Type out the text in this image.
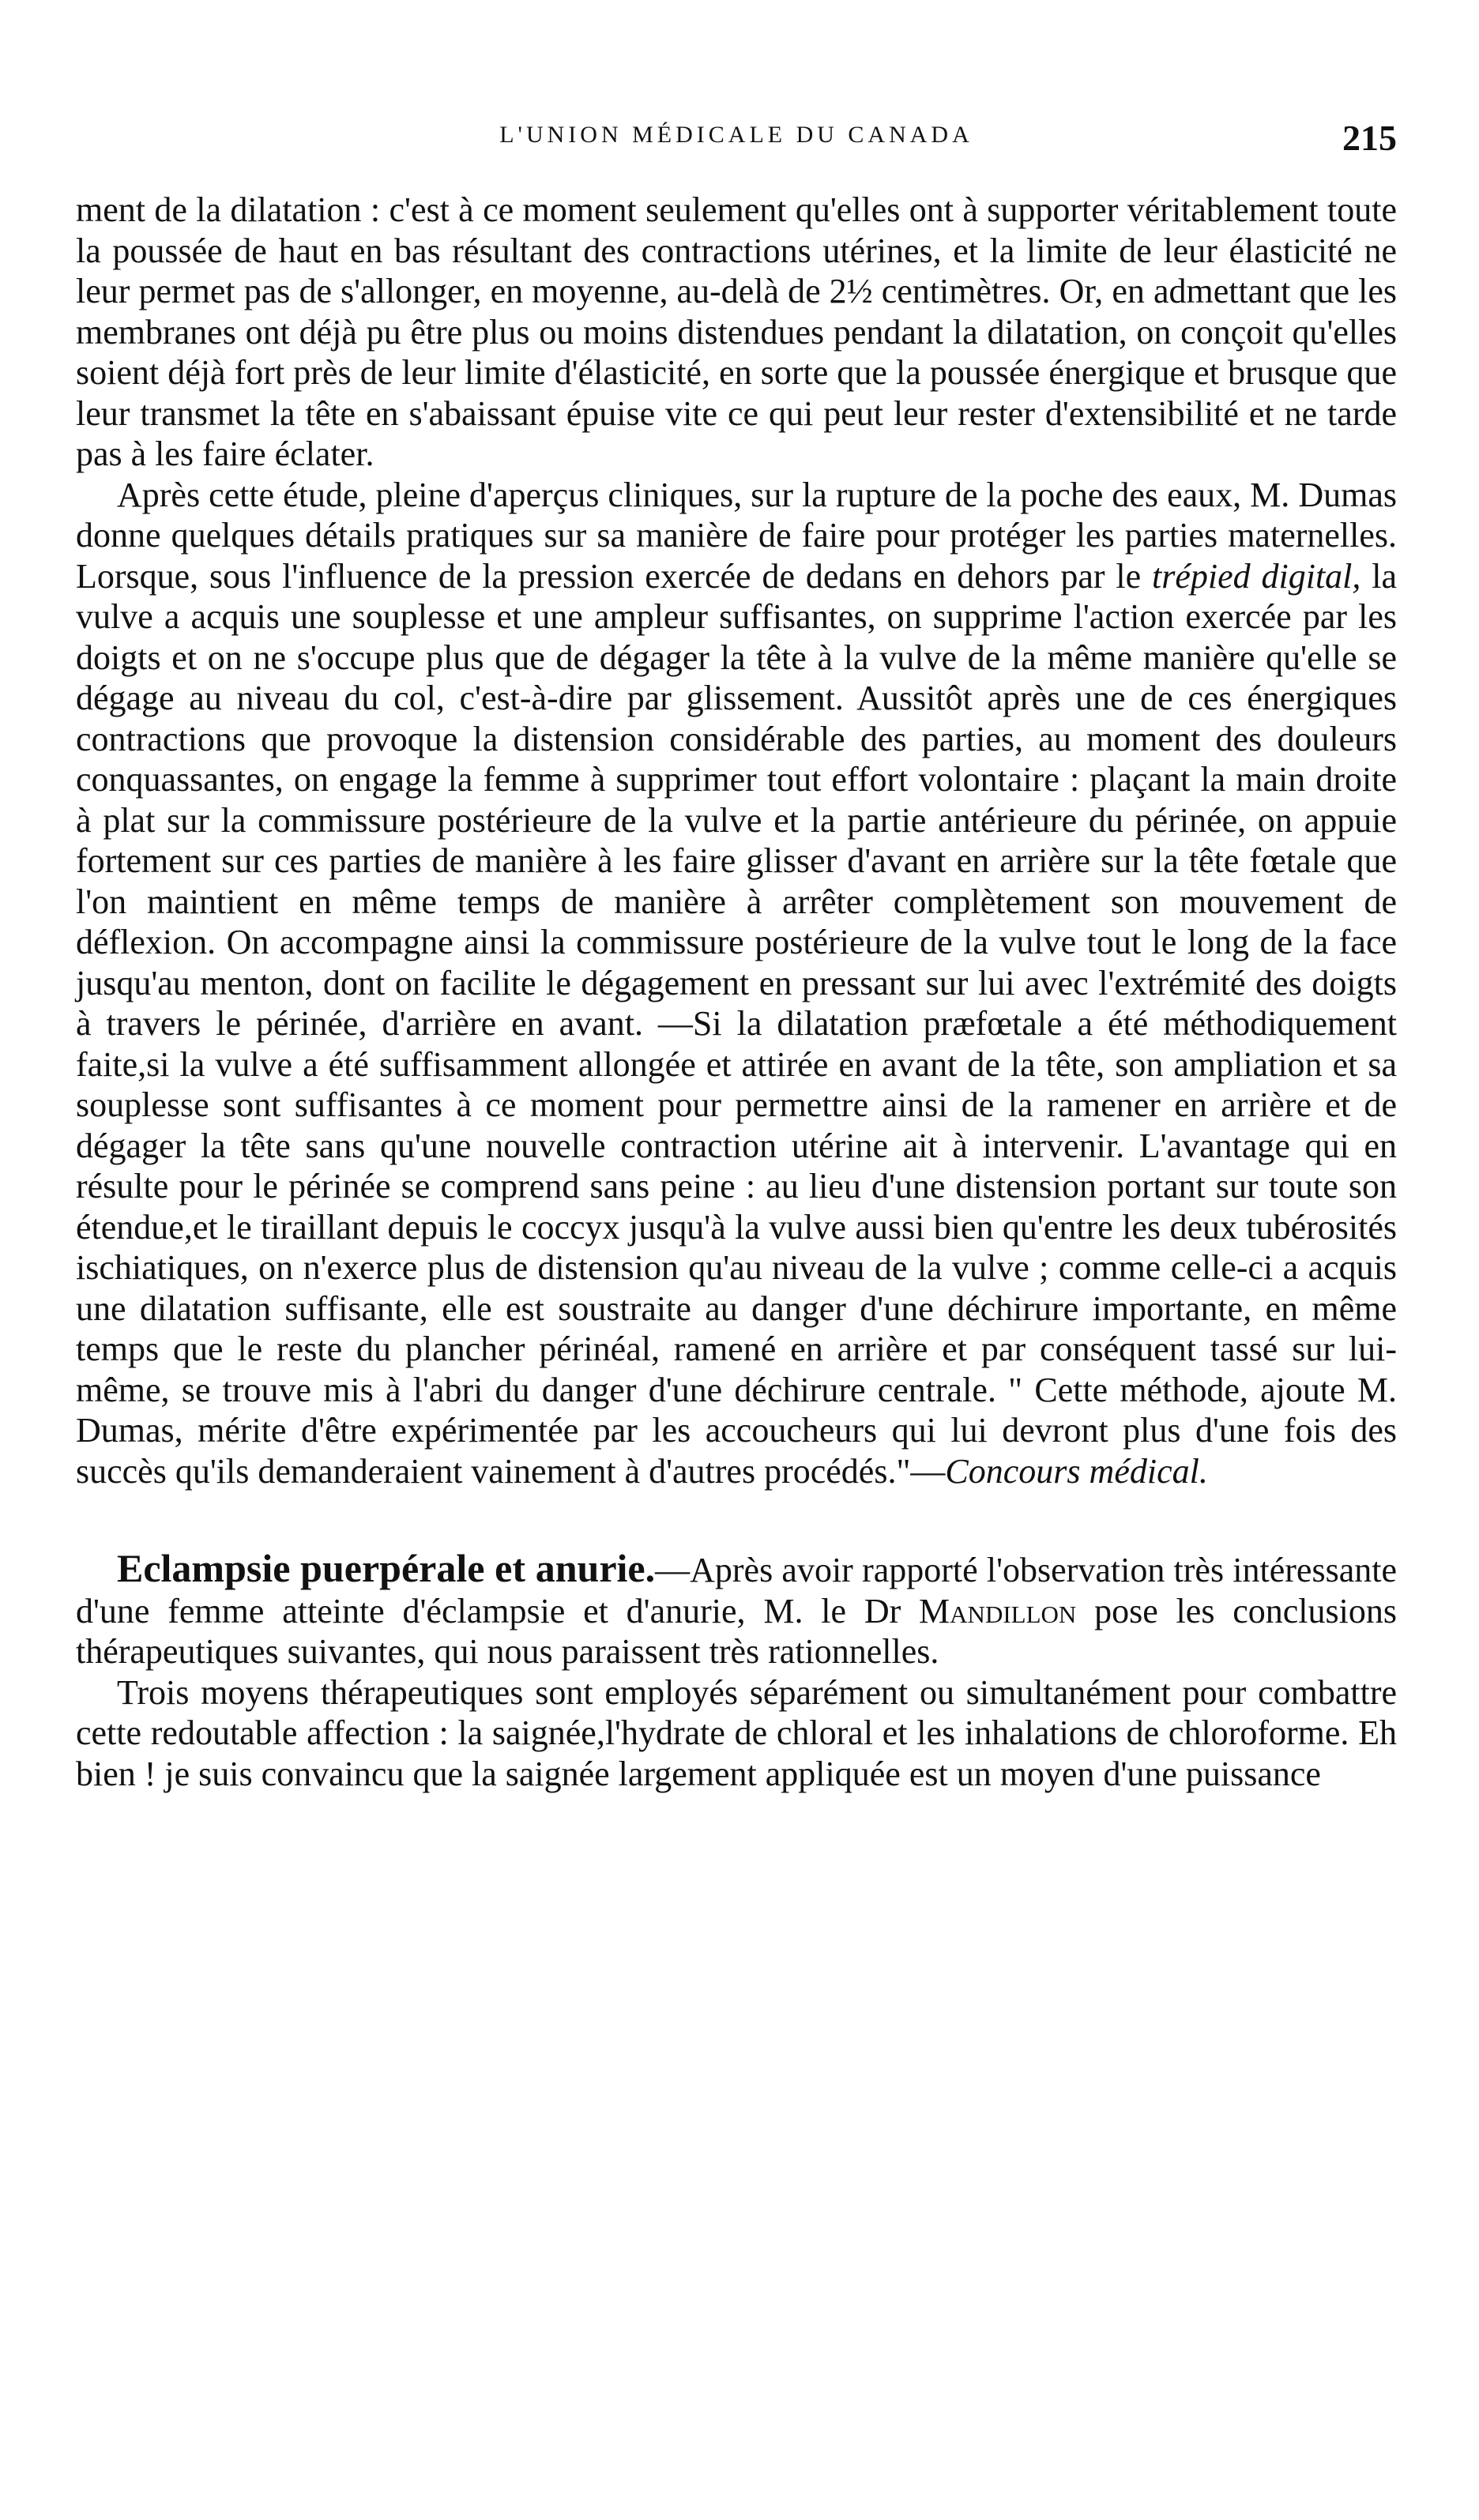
L'UNION MÉDICALE DU CANADA	215

ment de la dilatation : c'est à ce moment seulement qu'elles ont à supporter véritablement toute la poussée de haut en bas résultant des contractions utérines, et la limite de leur élasticité ne leur permet pas de s'allonger, en moyenne, au-delà de 2½ centimètres. Or, en admettant que les membranes ont déjà pu être plus ou moins distendues pendant la dilatation, on conçoit qu'elles soient déjà fort près de leur limite d'élasticité, en sorte que la poussée énergique et brusque que leur transmet la tête en s'abaissant épuise vite ce qui peut leur rester d'extensibilité et ne tarde pas à les faire éclater.

Après cette étude, pleine d'aperçus cliniques, sur la rupture de la poche des eaux, M. Dumas donne quelques détails pratiques sur sa manière de faire pour protéger les parties maternelles. Lorsque, sous l'influence de la pression exercée de dedans en dehors par le trépied digital, la vulve a acquis une souplesse et une ampleur suffisantes, on supprime l'action exercée par les doigts et on ne s'occupe plus que de dégager la tête à la vulve de la même manière qu'elle se dégage au niveau du col, c'est-à-dire par glissement. Aussitôt après une de ces énergiques contractions que provoque la distension considérable des parties, au moment des douleurs conquassantes, on engage la femme à supprimer tout effort volontaire : plaçant la main droite à plat sur la commissure postérieure de la vulve et la partie antérieure du périnée, on appuie fortement sur ces parties de manière à les faire glisser d'avant en arrière sur la tête fœtale que l'on maintient en même temps de manière à arrêter complètement son mouvement de déflexion. On accompagne ainsi la commissure postérieure de la vulve tout le long de la face jusqu'au menton, dont on facilite le dégagement en pressant sur lui avec l'extrémité des doigts à travers le périnée, d'arrière en avant. —Si la dilatation præfœtale a été méthodiquement faite,si la vulve a été suffisamment allongée et attirée en avant de la tête, son ampliation et sa souplesse sont suffisantes à ce moment pour permettre ainsi de la ramener en arrière et de dégager la tête sans qu'une nouvelle contraction utérine ait à intervenir. L'avantage qui en résulte pour le périnée se comprend sans peine : au lieu d'une distension portant sur toute son étendue,et le tiraillant depuis le coccyx jusqu'à la vulve aussi bien qu'entre les deux tubérosités ischiatiques, on n'exerce plus de distension qu'au niveau de la vulve ; comme celle-ci a acquis une dilatation suffisante, elle est soustraite au danger d'une déchirure importante, en même temps que le reste du plancher périnéal, ramené en arrière et par conséquent tassé sur lui-même, se trouve mis à l'abri du danger d'une déchirure centrale. " Cette méthode, ajoute M. Dumas, mérite d'être expérimentée par les accoucheurs qui lui devront plus d'une fois des succès qu'ils demanderaient vainement à d'autres procédés."—Concours médical.

Eclampsie puerpérale et anurie.—Après avoir rapporté l'observation très intéressante d'une femme atteinte d'éclampsie et d'anurie, M. le Dr Mandillon pose les conclusions thérapeutiques suivantes, qui nous paraissent très rationnelles.

Trois moyens thérapeutiques sont employés séparément ou simultanément pour combattre cette redoutable affection : la saignée,l'hydrate de chloral et les inhalations de chloroforme. Eh bien ! je suis convaincu que la saignée largement appliquée est un moyen d'une puissance
